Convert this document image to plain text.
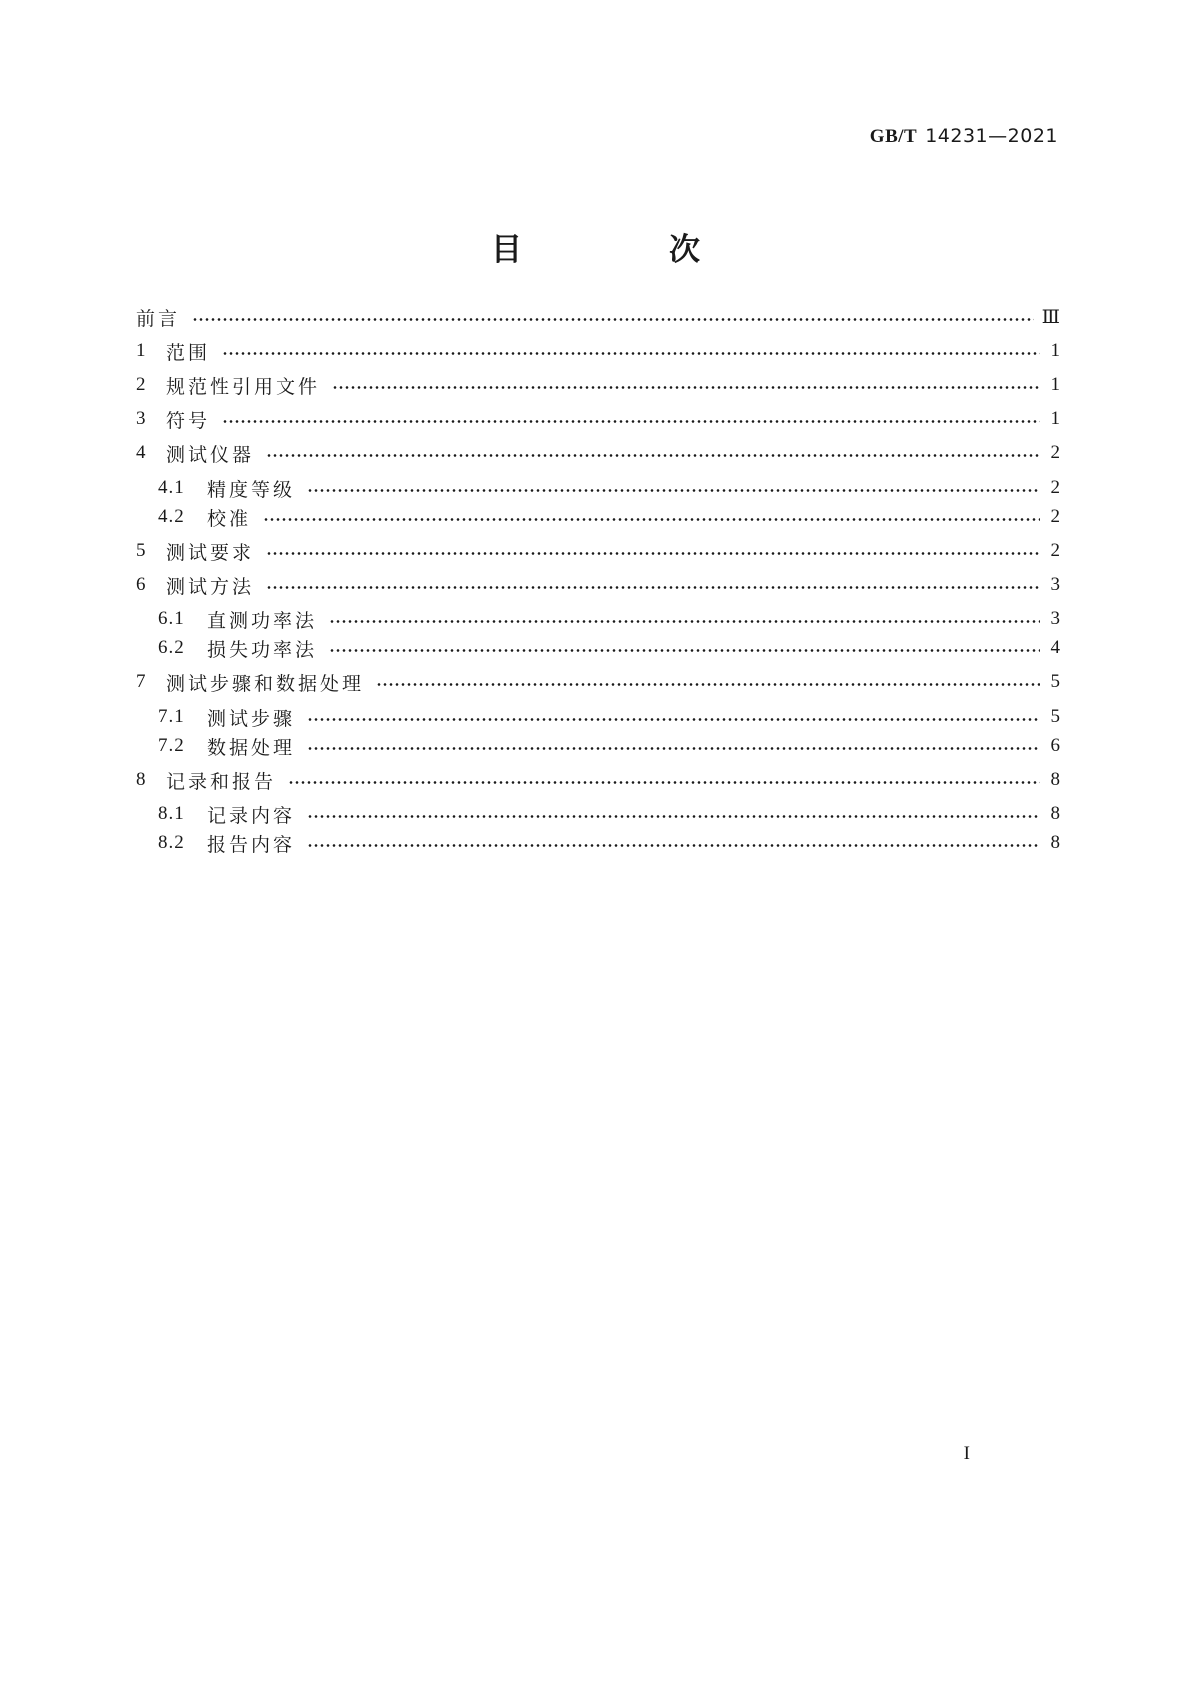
GB/T 14231—2021
目　次
前言	Ⅲ
1	范围	1
2	规范性引用文件	1
3	符号	1
4	测试仪器	2
4.1	精度等级	2
4.2	校准	2
5	测试要求	2
6	测试方法	3
6.1	直测功率法	3
6.2	损失功率法	4
7	测试步骤和数据处理	5
7.1	测试步骤	5
7.2	数据处理	6
8	记录和报告	8
8.1	记录内容	8
8.2	报告内容	8
I
